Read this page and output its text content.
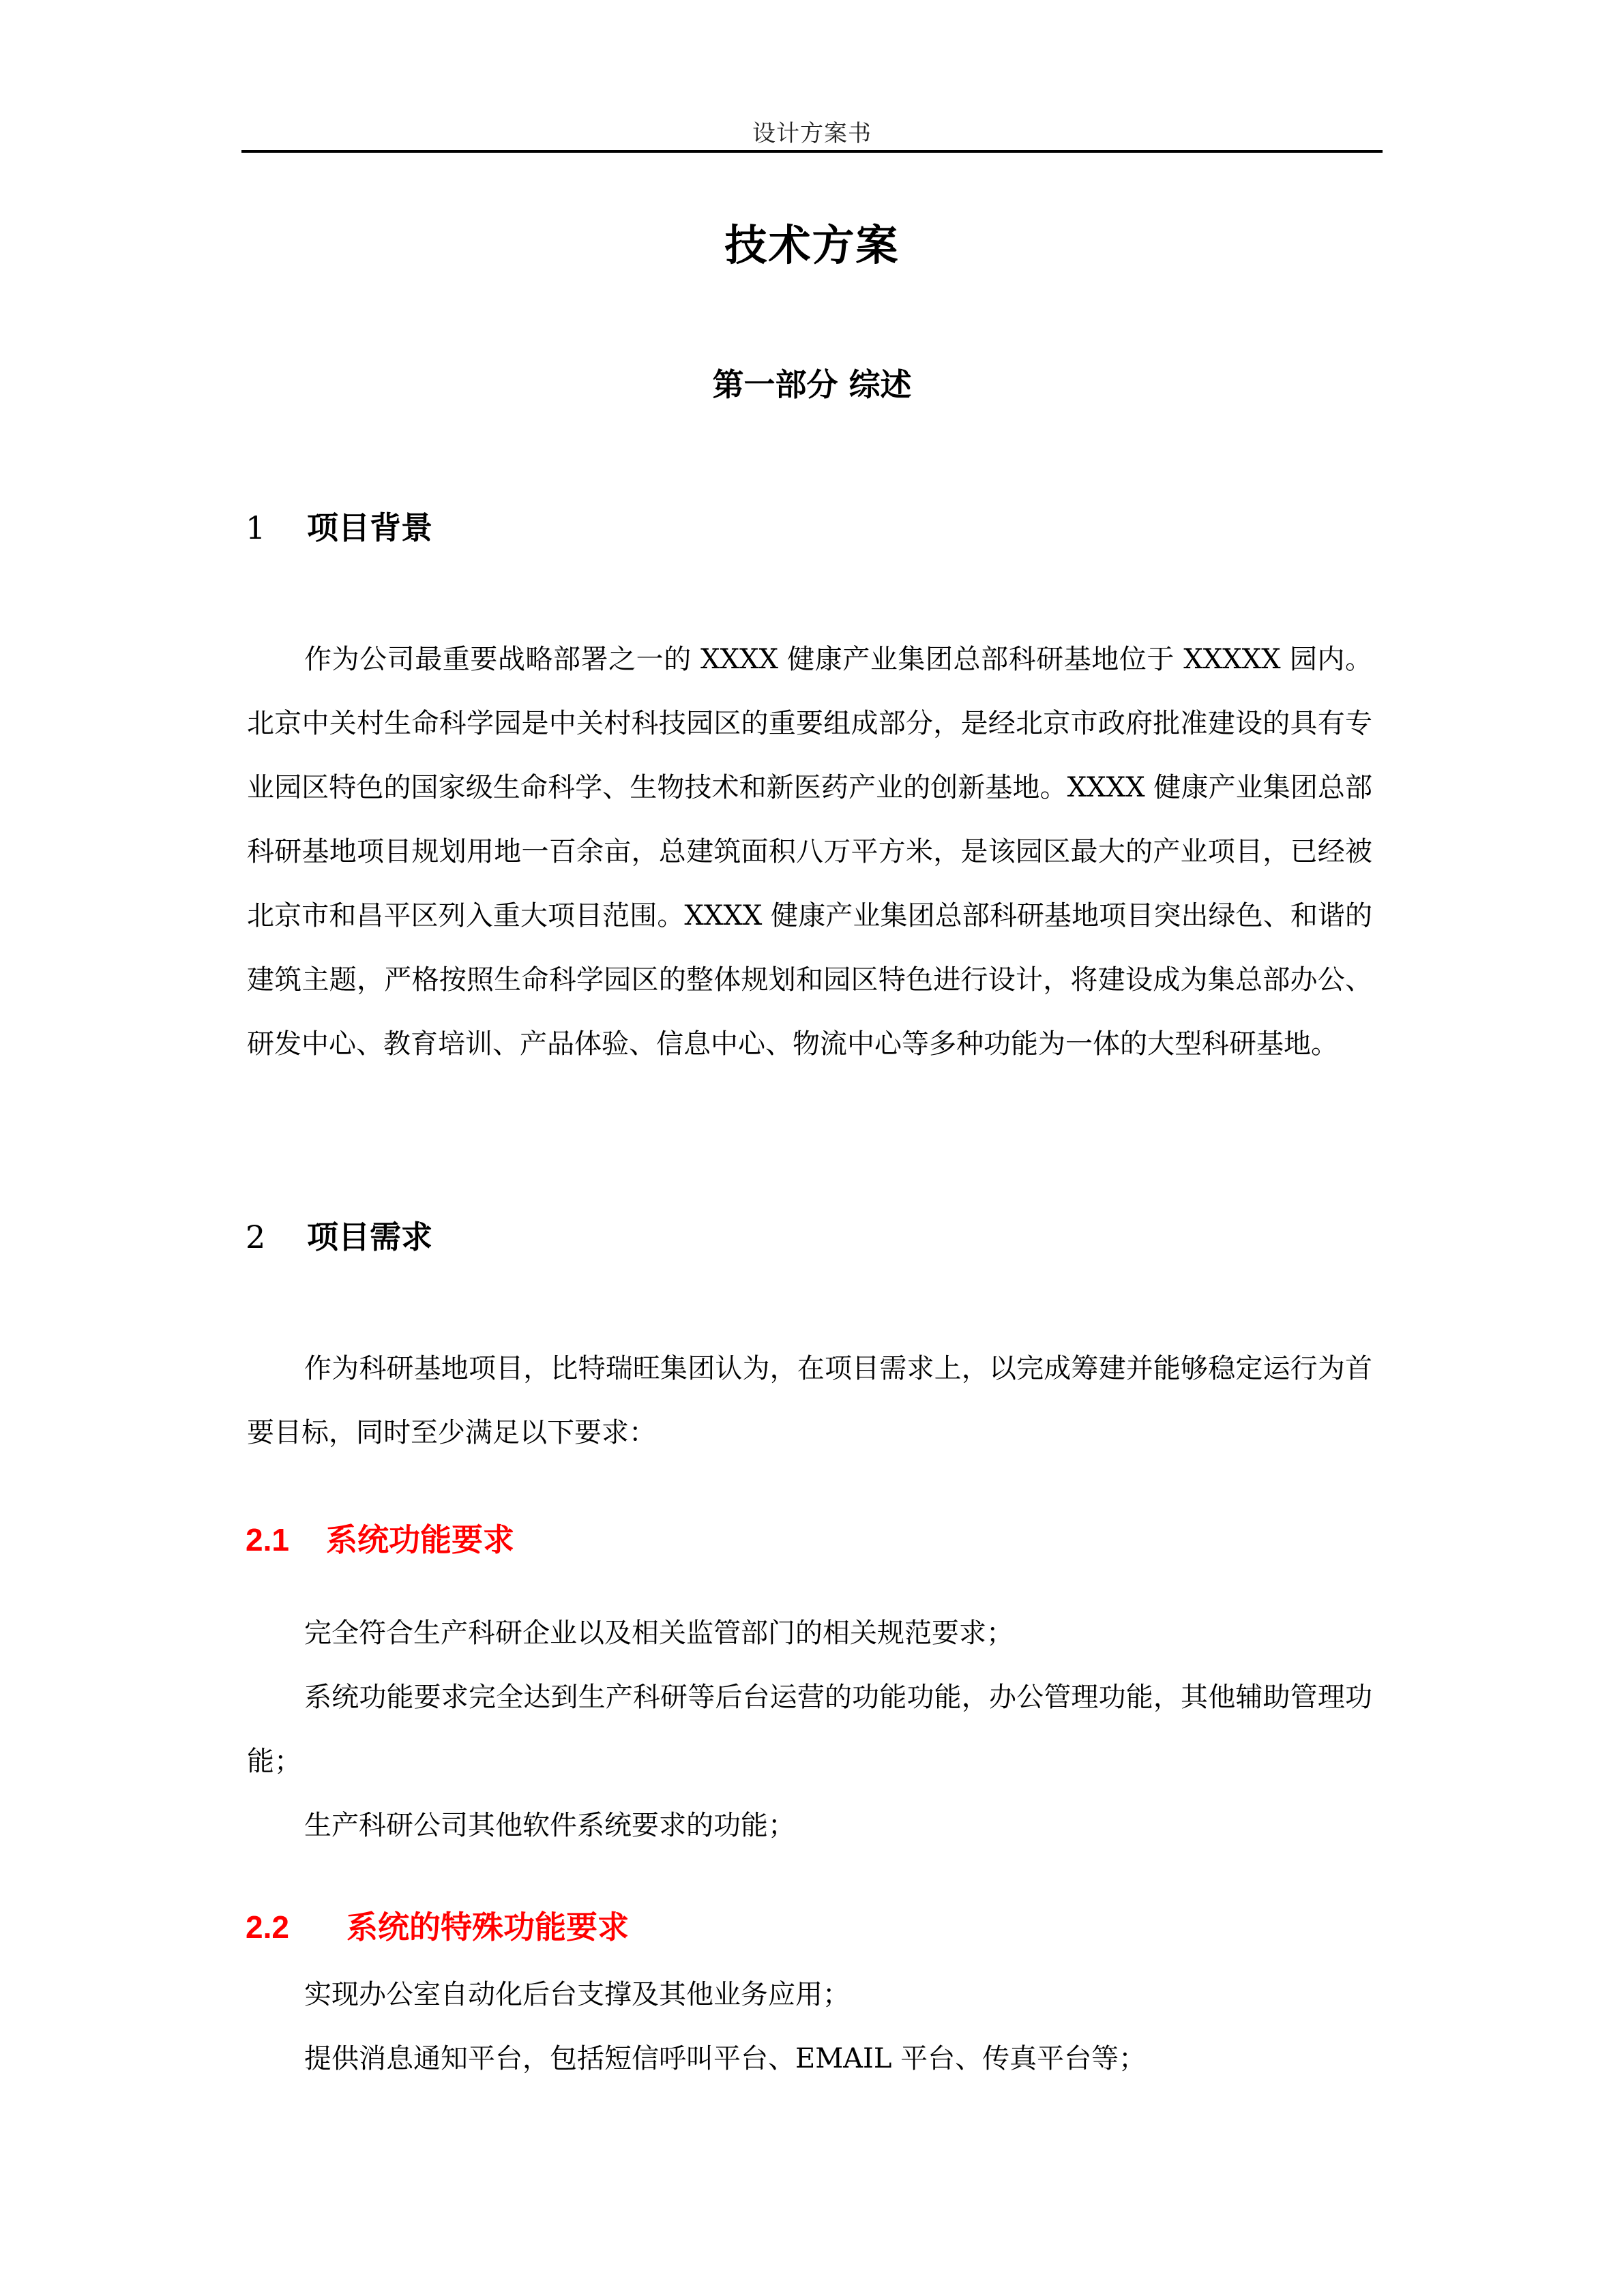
设计方案书
技术方案
第一部分 综述
1	项目背景

作为公司最重要战略部署之一的 XXXX 健康产业集团总部科研基地位于 XXXXX 园内。北京中关村生命科学园是中关村科技园区的重要组成部分，是经北京市政府批准建设的具有专业园区特色的国家级生命科学、生物技术和新医药产业的创新基地。XXXX 健康产业集团总部科研基地项目规划用地一百余亩，总建筑面积八万平方米，是该园区最大的产业项目，已经被北京市和昌平区列入重大项目范围。XXXX 健康产业集团总部科研基地项目突出绿色、和谐的建筑主题，严格按照生命科学园区的整体规划和园区特色进行设计，将建设成为集总部办公、研发中心、教育培训、产品体验、信息中心、物流中心等多种功能为一体的大型科研基地。

2	项目需求

作为科研基地项目，比特瑞旺集团认为，在项目需求上，以完成筹建并能够稳定运行为首要目标，同时至少满足以下要求：

2.1	系统功能要求

完全符合生产科研企业以及相关监管部门的相关规范要求；

系统功能要求完全达到生产科研等后台运营的功能功能，办公管理功能，其他辅助管理功能；

生产科研公司其他软件系统要求的功能；

2.2	系统的特殊功能要求

实现办公室自动化后台支撑及其他业务应用；

提供消息通知平台，包括短信呼叫平台、EMAIL 平台、传真平台等；
